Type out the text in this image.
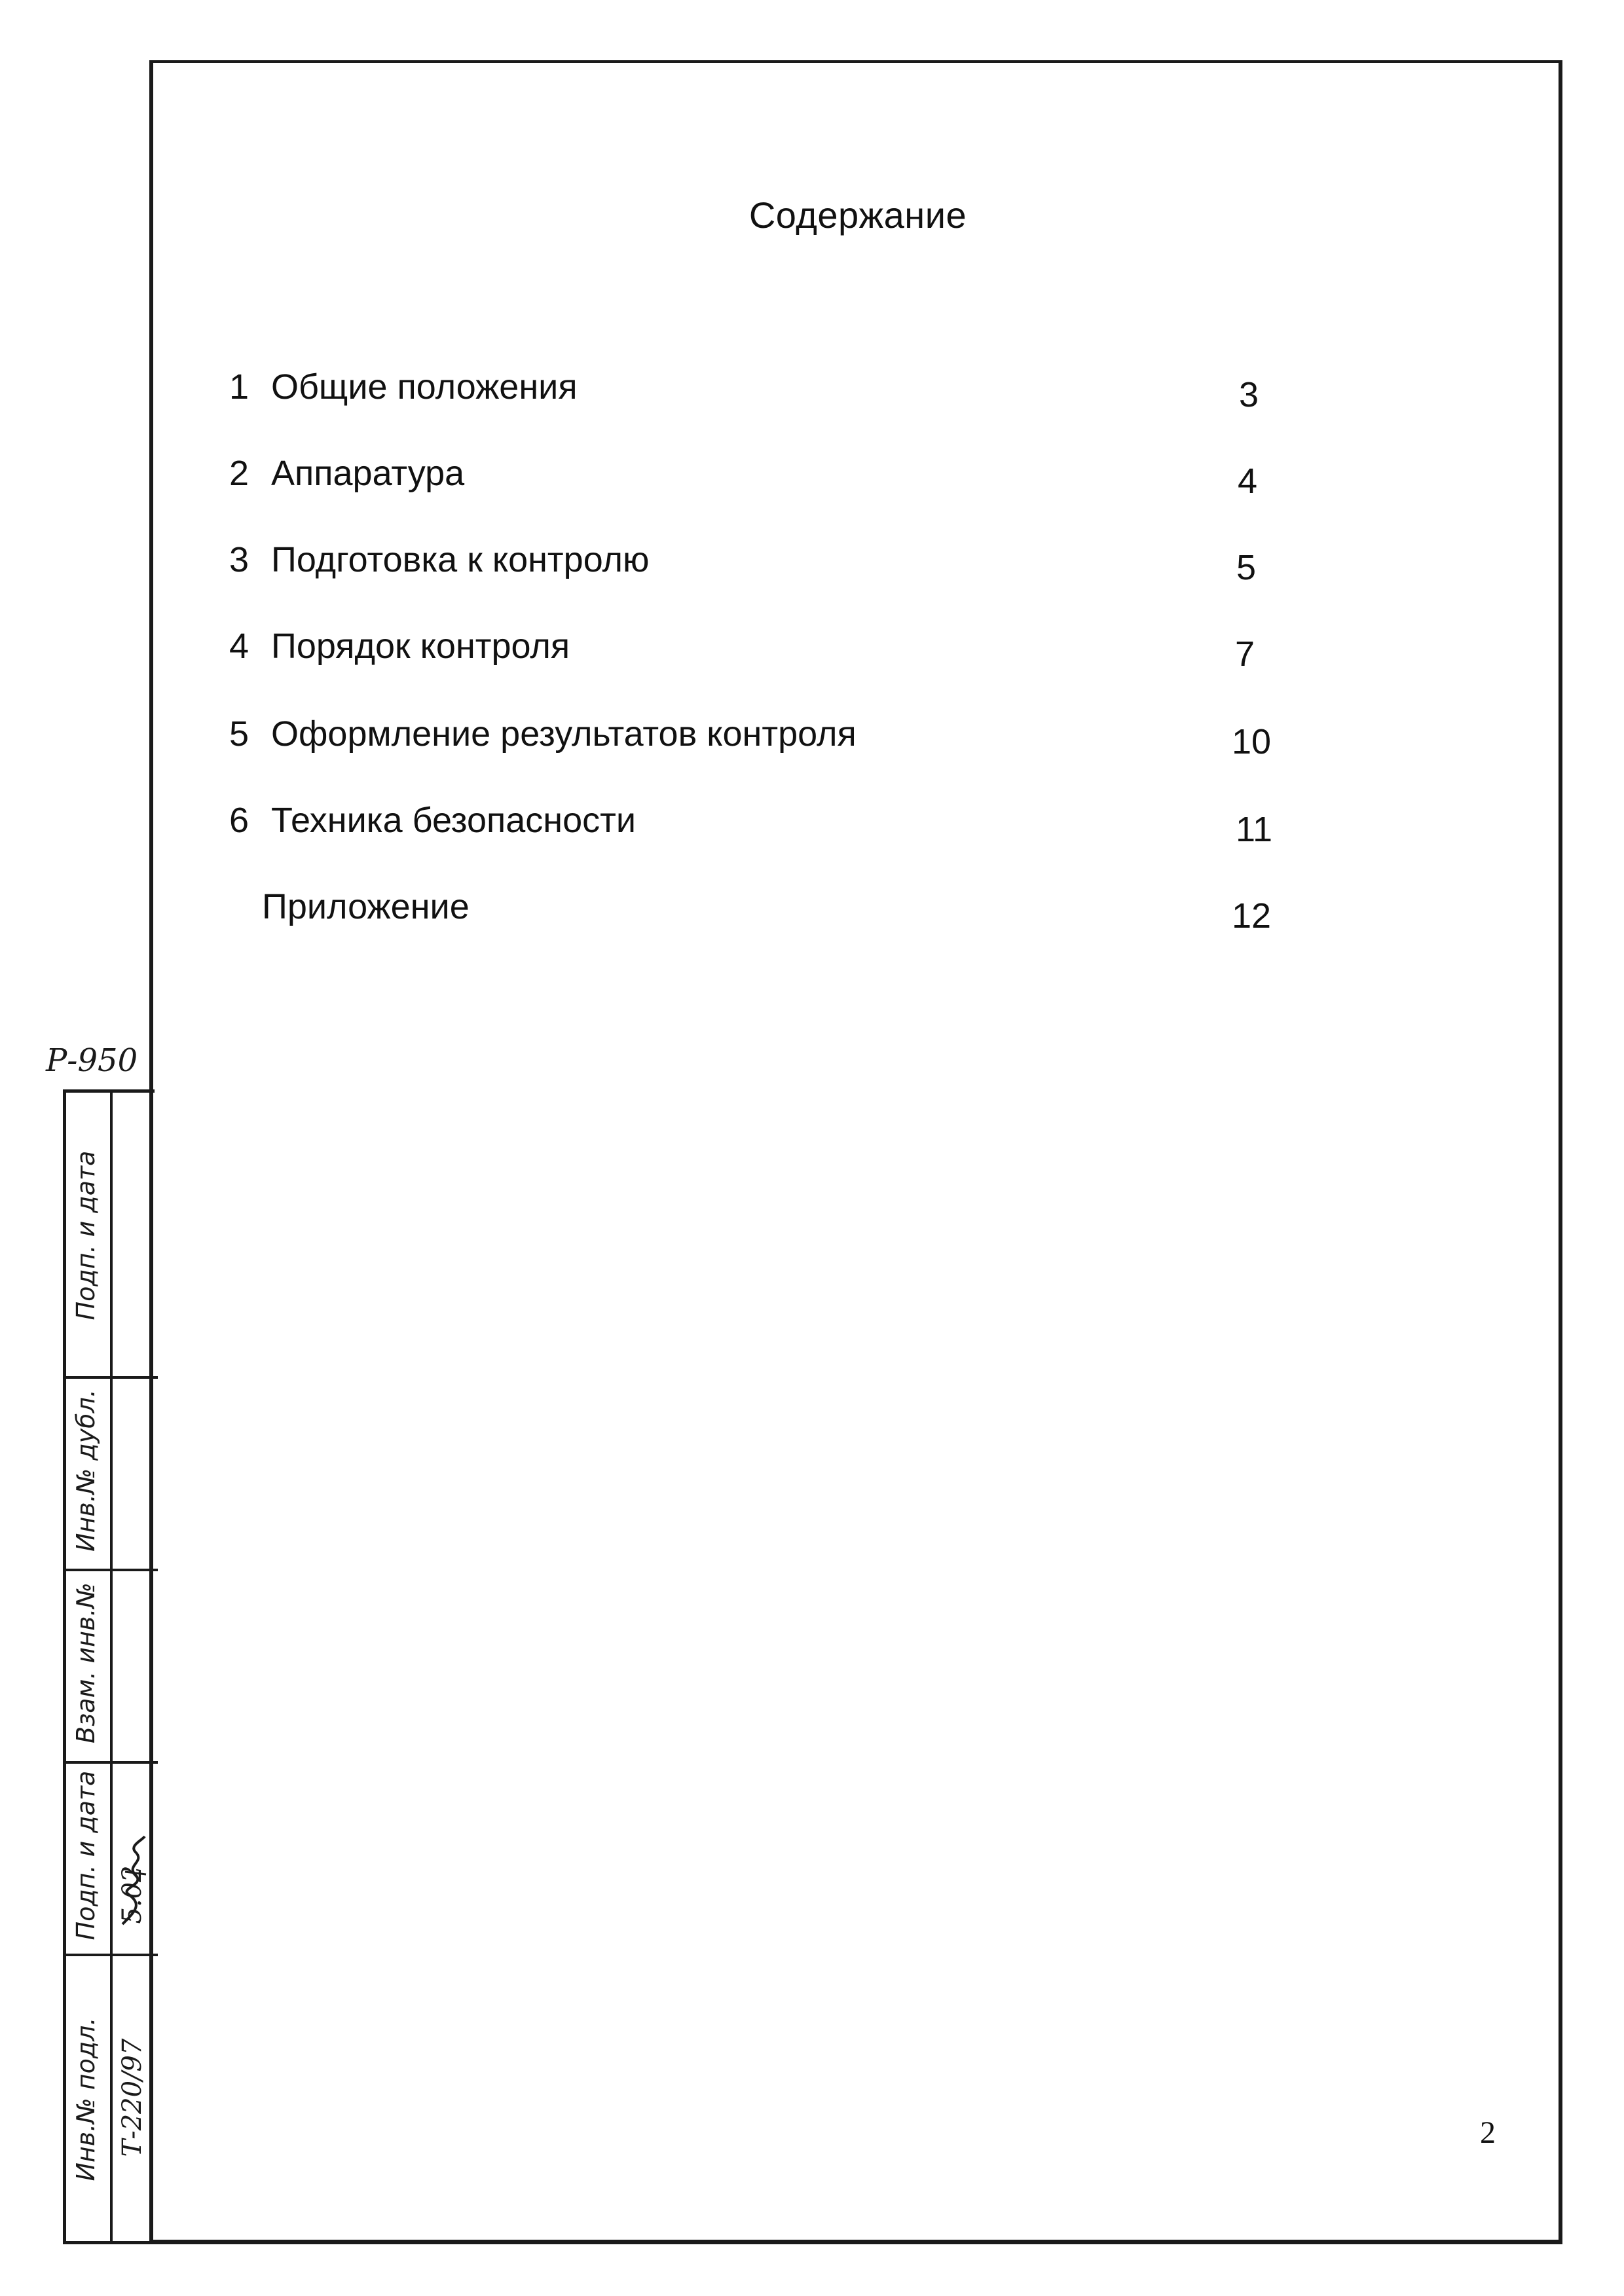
Содержание
1 Общие положения	3
2 Аппаратура	4
3 Подготовка к контролю	5
4 Порядок контроля	7
5 Оформление результатов контроля	10
6 Техника безопасности	11
Приложение	12
2
Р-950
Подп. и дата
Инв.№ дубл.
Взам. инв.№
Подп. и дата 5.02
Инв.№ подл. Т-220/97
